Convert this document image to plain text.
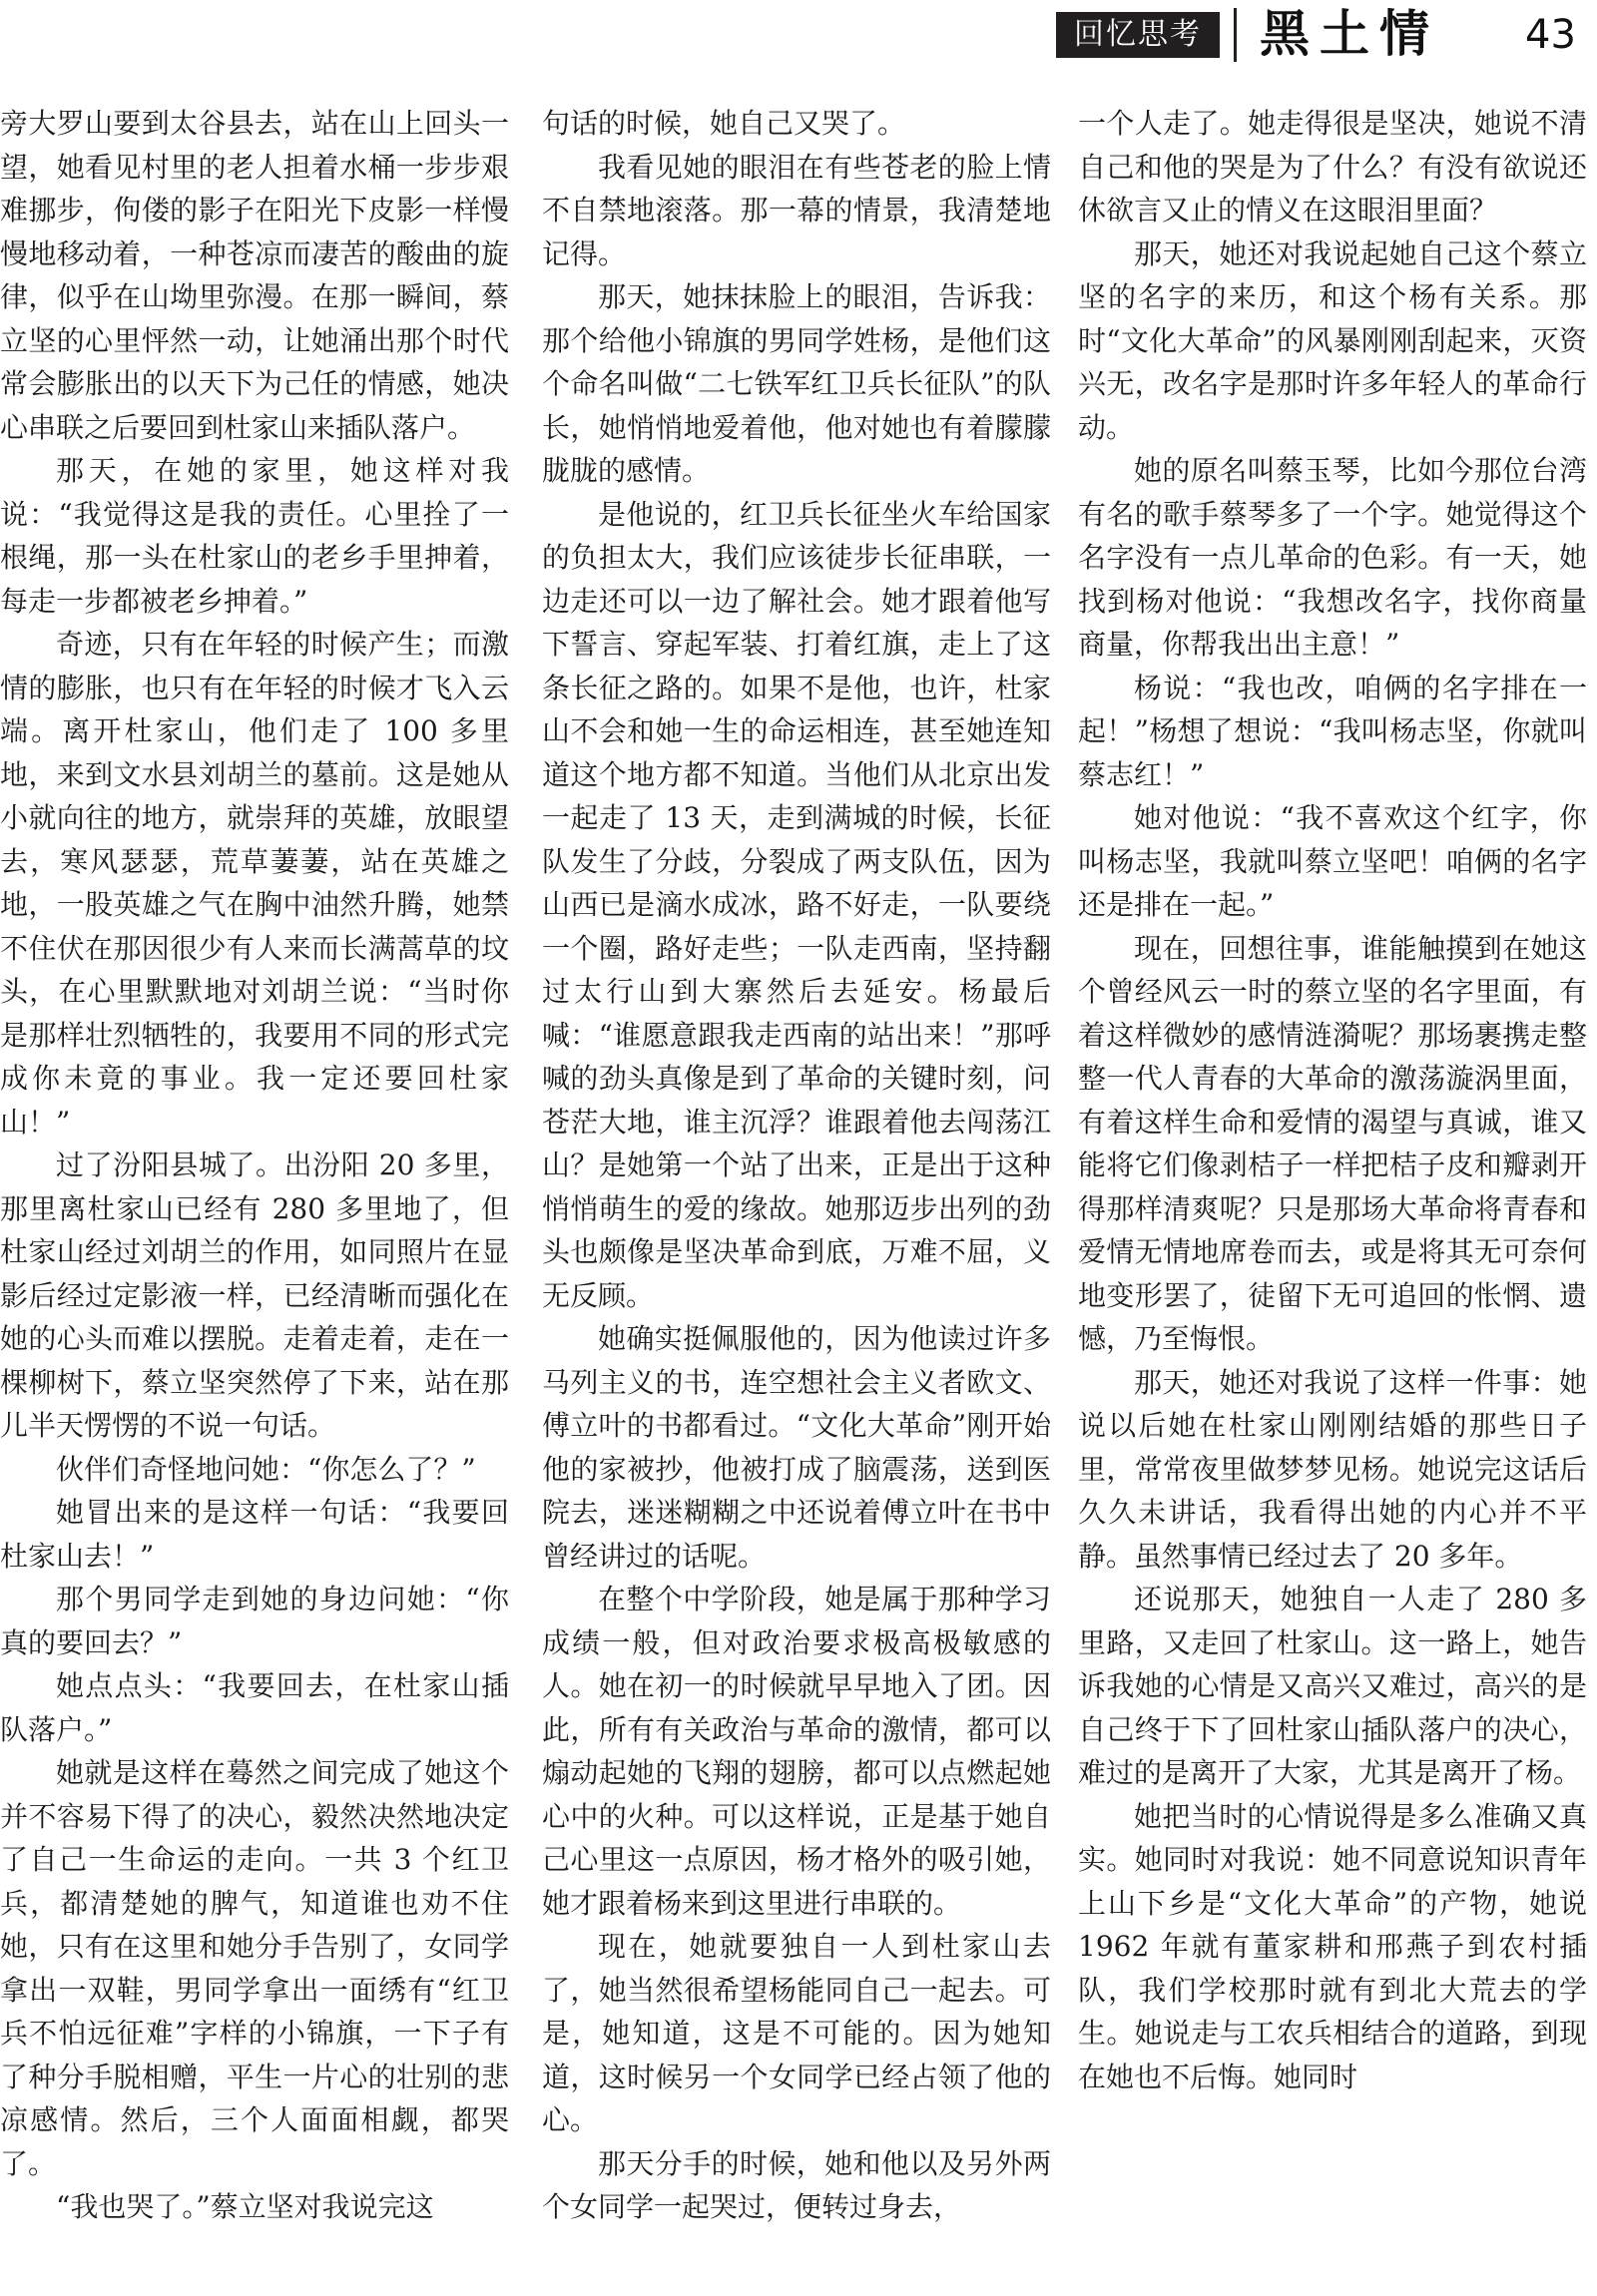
回忆思考	黑土情	43

旁大罗山要到太谷县去，站在山上回头一望，她看见村里的老人担着水桶一步步艰难挪步，佝偻的影子在阳光下皮影一样慢慢地移动着，一种苍凉而凄苦的酸曲的旋律，似乎在山坳里弥漫。在那一瞬间，蔡立坚的心里怦然一动，让她涌出那个时代常会膨胀出的以天下为己任的情感，她决心串联之后要回到杜家山来插队落户。

那天，在她的家里，她这样对我说：“我觉得这是我的责任。心里拴了一根绳，那一头在杜家山的老乡手里抻着，每走一步都被老乡抻着。”

奇迹，只有在年轻的时候产生；而激情的膨胀，也只有在年轻的时候才飞入云端。离开杜家山，他们走了 100 多里地，来到文水县刘胡兰的墓前。这是她从小就向往的地方，就崇拜的英雄，放眼望去，寒风瑟瑟，荒草萋萋，站在英雄之地，一股英雄之气在胸中油然升腾，她禁不住伏在那因很少有人来而长满蒿草的坟头，在心里默默地对刘胡兰说：“当时你是那样壮烈牺牲的，我要用不同的形式完成你未竟的事业。我一定还要回杜家山！”

过了汾阳县城了。出汾阳 20 多里，那里离杜家山已经有 280 多里地了，但杜家山经过刘胡兰的作用，如同照片在显影后经过定影液一样，已经清晰而强化在她的心头而难以摆脱。走着走着，走在一棵柳树下，蔡立坚突然停了下来，站在那儿半天愣愣的不说一句话。

伙伴们奇怪地问她：“你怎么了？”

她冒出来的是这样一句话：“我要回杜家山去！”

那个男同学走到她的身边问她：“你真的要回去？”

她点点头：“我要回去，在杜家山插队落户。”

她就是这样在蓦然之间完成了她这个并不容易下得了的决心，毅然决然地决定了自己一生命运的走向。一共 3 个红卫兵，都清楚她的脾气，知道谁也劝不住她，只有在这里和她分手告别了，女同学拿出一双鞋，男同学拿出一面绣有“红卫兵不怕远征难”字样的小锦旗，一下子有了种分手脱相赠，平生一片心的壮别的悲凉感情。然后，三个人面面相觑，都哭了。

“我也哭了。”蔡立坚对我说完这

句话的时候，她自己又哭了。

我看见她的眼泪在有些苍老的脸上情不自禁地滚落。那一幕的情景，我清楚地记得。

那天，她抹抹脸上的眼泪，告诉我：那个给他小锦旗的男同学姓杨，是他们这个命名叫做“二七铁军红卫兵长征队”的队长，她悄悄地爱着他，他对她也有着朦朦胧胧的感情。

是他说的，红卫兵长征坐火车给国家的负担太大，我们应该徒步长征串联，一边走还可以一边了解社会。她才跟着他写下誓言、穿起军装、打着红旗，走上了这条长征之路的。如果不是他，也许，杜家山不会和她一生的命运相连，甚至她连知道这个地方都不知道。当他们从北京出发一起走了 13 天，走到满城的时候，长征队发生了分歧，分裂成了两支队伍，因为山西已是滴水成冰，路不好走，一队要绕一个圈，路好走些；一队走西南，坚持翻过太行山到大寨然后去延安。杨最后喊：“谁愿意跟我走西南的站出来！”那呼喊的劲头真像是到了革命的关键时刻，问苍茫大地，谁主沉浮？谁跟着他去闯荡江山？是她第一个站了出来，正是出于这种悄悄萌生的爱的缘故。她那迈步出列的劲头也颇像是坚决革命到底，万难不屈，义无反顾。

她确实挺佩服他的，因为他读过许多马列主义的书，连空想社会主义者欧文、傅立叶的书都看过。“文化大革命”刚开始他的家被抄，他被打成了脑震荡，送到医院去，迷迷糊糊之中还说着傅立叶在书中曾经讲过的话呢。

在整个中学阶段，她是属于那种学习成绩一般，但对政治要求极高极敏感的人。她在初一的时候就早早地入了团。因此，所有有关政治与革命的激情，都可以煽动起她的飞翔的翅膀，都可以点燃起她心中的火种。可以这样说，正是基于她自己心里这一点原因，杨才格外的吸引她，她才跟着杨来到这里进行串联的。

现在，她就要独自一人到杜家山去了，她当然很希望杨能同自己一起去。可是，她知道，这是不可能的。因为她知道，这时候另一个女同学已经占领了他的心。

那天分手的时候，她和他以及另外两个女同学一起哭过，便转过身去，

一个人走了。她走得很是坚决，她说不清自己和他的哭是为了什么？有没有欲说还休欲言又止的情义在这眼泪里面？

那天，她还对我说起她自己这个蔡立坚的名字的来历，和这个杨有关系。那时“文化大革命”的风暴刚刚刮起来，灭资兴无，改名字是那时许多年轻人的革命行动。

她的原名叫蔡玉琴，比如今那位台湾有名的歌手蔡琴多了一个字。她觉得这个名字没有一点儿革命的色彩。有一天，她找到杨对他说：“我想改名字，找你商量商量，你帮我出出主意！”

杨说：“我也改，咱俩的名字排在一起！”杨想了想说：“我叫杨志坚，你就叫蔡志红！”

她对他说：“我不喜欢这个红字，你叫杨志坚，我就叫蔡立坚吧！咱俩的名字还是排在一起。”

现在，回想往事，谁能触摸到在她这个曾经风云一时的蔡立坚的名字里面，有着这样微妙的感情涟漪呢？那场裹携走整整一代人青春的大革命的激荡漩涡里面，有着这样生命和爱情的渴望与真诚，谁又能将它们像剥桔子一样把桔子皮和瓣剥开得那样清爽呢？只是那场大革命将青春和爱情无情地席卷而去，或是将其无可奈何地变形罢了，徒留下无可追回的怅惘、遗憾，乃至悔恨。

那天，她还对我说了这样一件事：她说以后她在杜家山刚刚结婚的那些日子里，常常夜里做梦梦见杨。她说完这话后久久未讲话，我看得出她的内心并不平静。虽然事情已经过去了 20 多年。

还说那天，她独自一人走了 280 多里路，又走回了杜家山。这一路上，她告诉我她的心情是又高兴又难过，高兴的是自己终于下了回杜家山插队落户的决心，难过的是离开了大家，尤其是离开了杨。

她把当时的心情说得是多么准确又真实。她同时对我说：她不同意说知识青年上山下乡是“文化大革命”的产物，她说 1962 年就有董家耕和邢燕子到农村插队，我们学校那时就有到北大荒去的学生。她说走与工农兵相结合的道路，到现在她也不后悔。她同时
